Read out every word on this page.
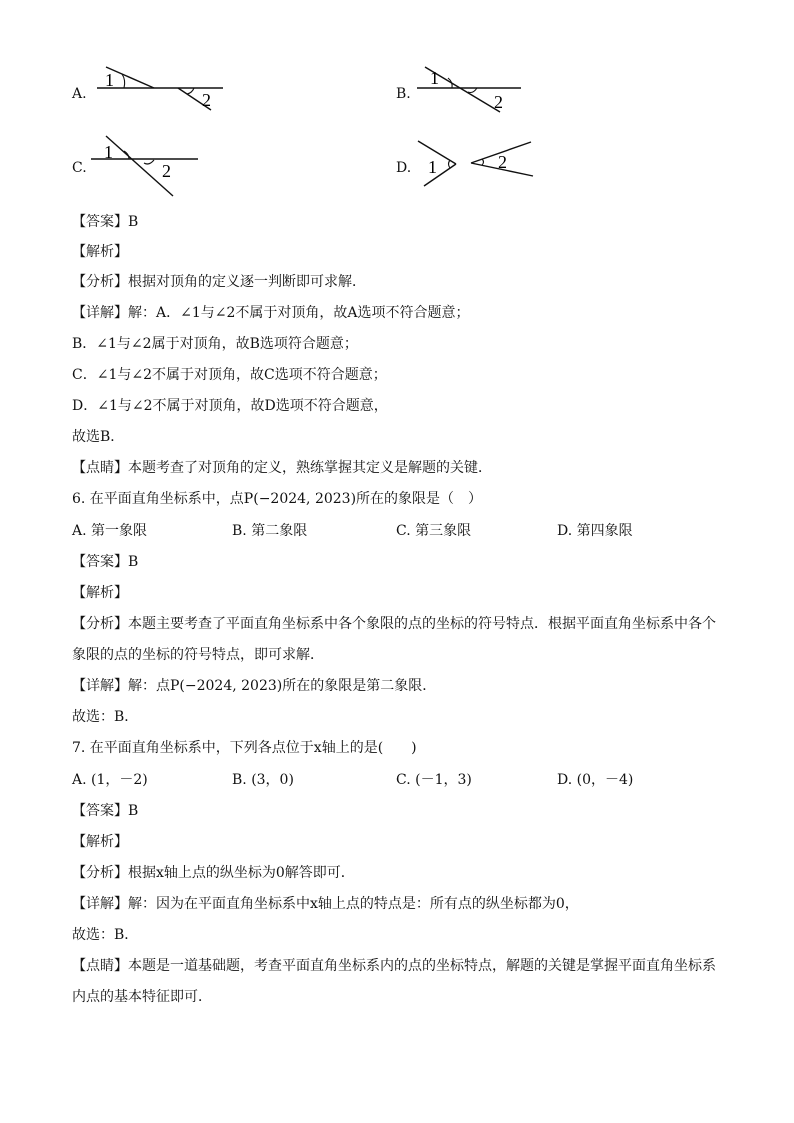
A.
1
2	B.
1
2
C.
1
2	D. 1	2
【答案】B
【解析】
【分析】根据对顶角的定义逐一判断即可求解．
【详解】解：A．∠1与∠2不属于对顶角，故A选项不符合题意；
B．∠1与∠2属于对顶角，故B选项符合题意；
C．∠1与∠2不属于对顶角，故C选项不符合题意；
D．∠1与∠2不属于对顶角，故D选项不符合题意，
故选B．
【点睛】本题考查了对顶角的定义，熟练掌握其定义是解题的关键．
6. 在平面直角坐标系中，点P(−2024, 2023)所在的象限是（　）
A. 第一象限	B. 第二象限	C. 第三象限	D. 第四象限
【答案】B
【解析】
【分析】本题主要考查了平面直角坐标系中各个象限的点的坐标的符号特点．根据平面直角坐标系中各个
象限的点的坐标的符号特点，即可求解．
【详解】解：点P(−2024, 2023)所在的象限是第二象限．
故选：B．
7. 在平面直角坐标系中，下列各点位于x轴上的是(　　)
A. (1，－2)	B. (3，0)	C. (－1，3)	D. (0，－4)
【答案】B
【解析】
【分析】根据x轴上点的纵坐标为0解答即可．
【详解】解：因为在平面直角坐标系中x轴上点的特点是：所有点的纵坐标都为0，
故选：B．
【点睛】本题是一道基础题，考查平面直角坐标系内的点的坐标特点，解题的关键是掌握平面直角坐标系
内点的基本特征即可．
